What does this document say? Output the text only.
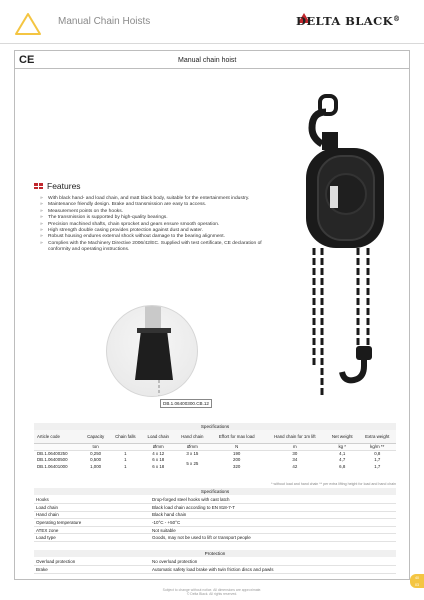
Manual Chain Hoists	DELTA BLACK®
CE	Manual chain hoist
Features
» With black hand- and load chain, and matt black body, suitable for the entertainment industry.
» Maintenance friendly design. Brake and transmission are easy to access.
» Measurement points on the hooks.
» The transmission is supported by high-quality bearings.
» Precision machined shafts, chain sprocket and gears ensure smooth operation.
» High strength double casing provides protection against dust and water.
» Robust housing endures external shock without damage to the bearing alignment.
» Complies with the Machinery Directive 2006/42/EC. Supplied with test certificate, CE declaration of conformity and operating instructions.
DB.1.06400300.CB.12
Specifications
Article code	Capacity	Chain falls	Load chain	Hand chain	Effort for max load	Hand chain for 1m lift	Net weight	Extra weight
	ton		Ømm	Ømm	N	m	kg *	kg/m **
DB.1.06400250	0,250	1	4 x 12	3 x 15	190	30	4,1	0,8
DB.1.06400500	0,500	1	6 x 18	5 x 25	200	34	4,7	1,7
DB.1.06401000	1,000	1	6 x 18		320	42	6,8	1,7
* without load and hand chain ** per extra lifting height for load and hand chain
Specifications
Hooks	Drop-forged steel hooks with cast latch
Load chain	Black load chain according to EN 818-7-T
Hand chain	Black hand chain
Operating temperature	-10°C - +50°C
ATEX zone	Not suitable
Load type	Goods, may not be used to lift or transport people
Protection
Overload protection	No overload protection
Brake	Automatic safety load brake with twin friction discs and pawls
40
03
Subject to change without notice. All dimensions are approximate.
© Delta Black. All rights reserved.
